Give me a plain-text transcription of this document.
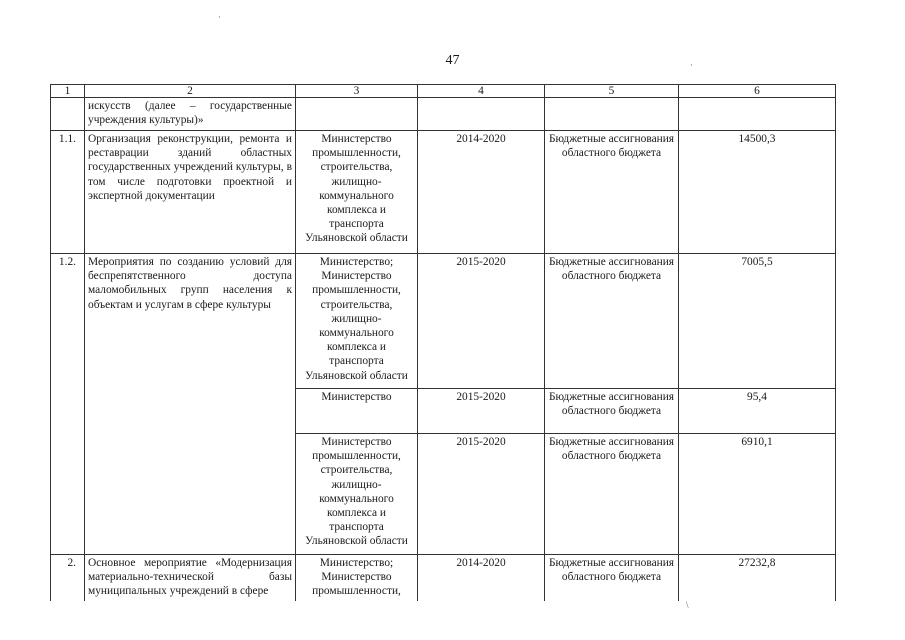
47
1	2	3	4	5	6
	искусств (далее – государственные учреждения культуры)»				
1.1.	Организация реконструкции, ремонта и реставрации зданий областных государственных учреждений культуры, в том числе подготовки проектной и экспертной документации	Министерство промышленности, строительства, жилищно-коммунального комплекса и транспорта Ульяновской области	2014-2020	Бюджетные ассигнования областного бюджета	14500,3
1.2.	Мероприятия по созданию условий для беспрепятственного доступа маломобильных групп населения к объектам и услугам в сфере культуры	Министерство; Министерство промышленности, строительства, жилищно-коммунального комплекса и транспорта Ульяновской области	2015-2020	Бюджетные ассигнования областного бюджета	7005,5
		Министерство	2015-2020	Бюджетные ассигнования областного бюджета	95,4
		Министерство промышленности, строительства, жилищно-коммунального комплекса и транспорта Ульяновской области	2015-2020	Бюджетные ассигнования областного бюджета	6910,1
2.	Основное мероприятие «Модернизация материально-технической базы муниципальных учреждений в сфере	Министерство; Министерство промышленности,	2014-2020	Бюджетные ассигнования областного бюджета	27232,8
\
·
·
